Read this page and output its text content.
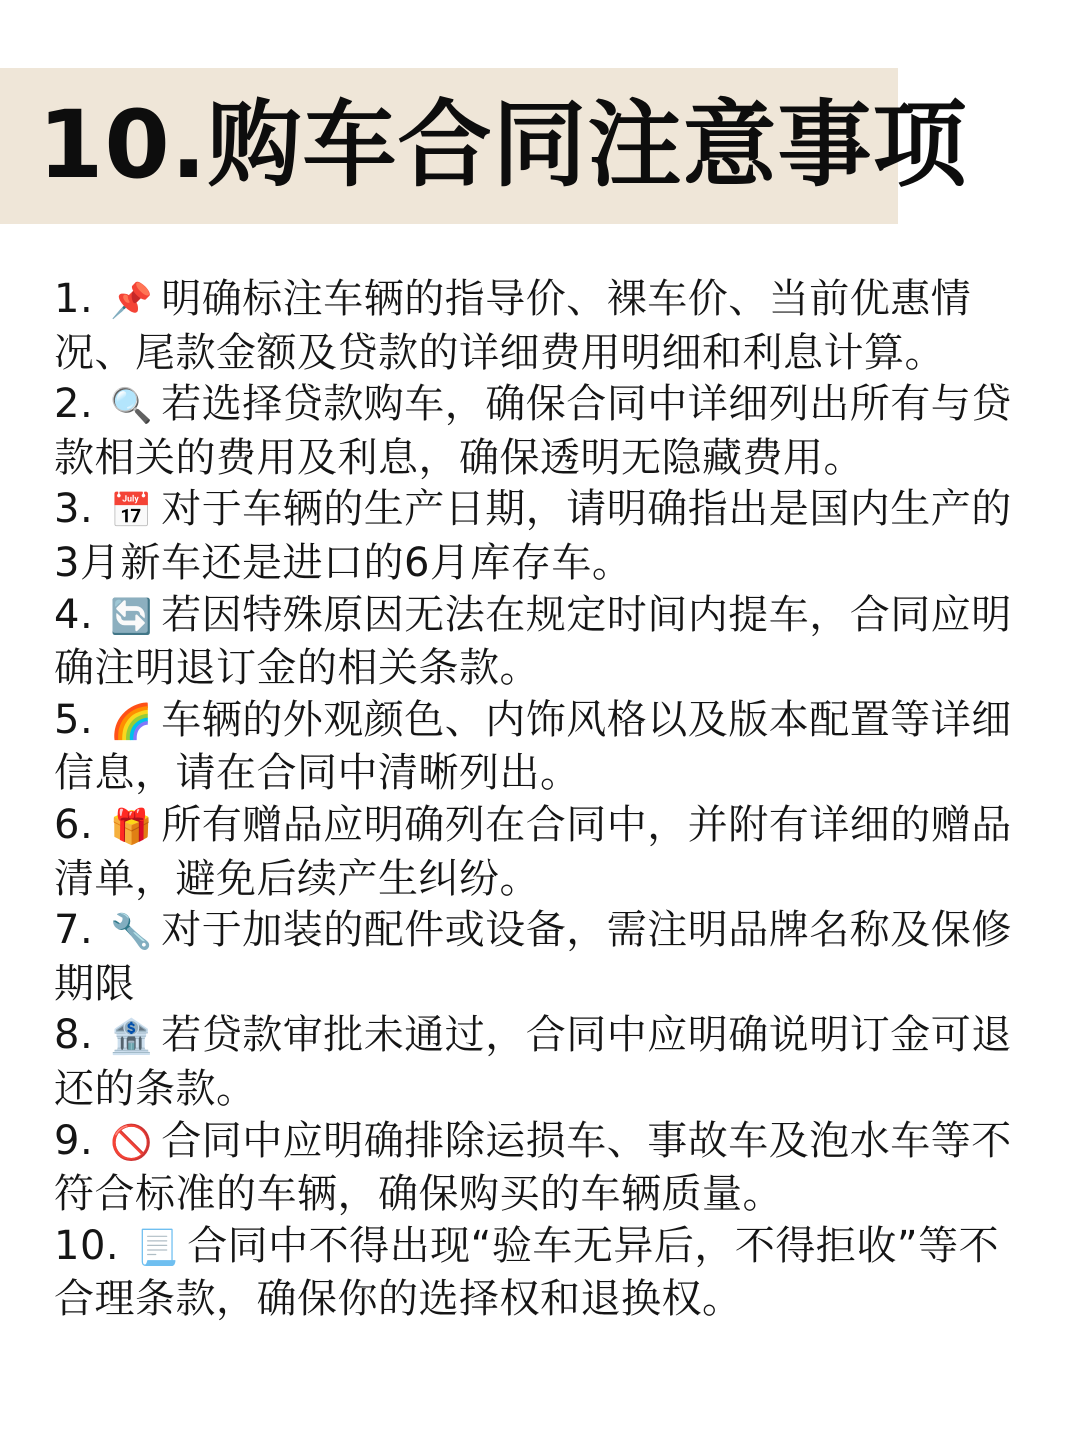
10.购车合同注意事项
1. 📌 明确标注车辆的指导价、裸车价、当前优惠情况、尾款金额及贷款的详细费用明细和利息计算。
2. 🔍 若选择贷款购车，确保合同中详细列出所有与贷款相关的费用及利息，确保透明无隐藏费用。
3. 📅 对于车辆的生产日期，请明确指出是国内生产的3月新车还是进口的6月库存车。
4. 🔄 若因特殊原因无法在规定时间内提车，合同应明确注明退订金的相关条款。
5. 🌈 车辆的外观颜色、内饰风格以及版本配置等详细信息，请在合同中清晰列出。
6. 🎁 所有赠品应明确列在合同中，并附有详细的赠品清单，避免后续产生纠纷。
7. 🔧 对于加装的配件或设备，需注明品牌名称及保修期限
8. 🏦 若贷款审批未通过，合同中应明确说明订金可退还的条款。
9. 🚫 合同中应明确排除运损车、事故车及泡水车等不符合标准的车辆，确保购买的车辆质量。
10. 📃 合同中不得出现“验车无异后，不得拒收”等不合理条款，确保你的选择权和退换权。
